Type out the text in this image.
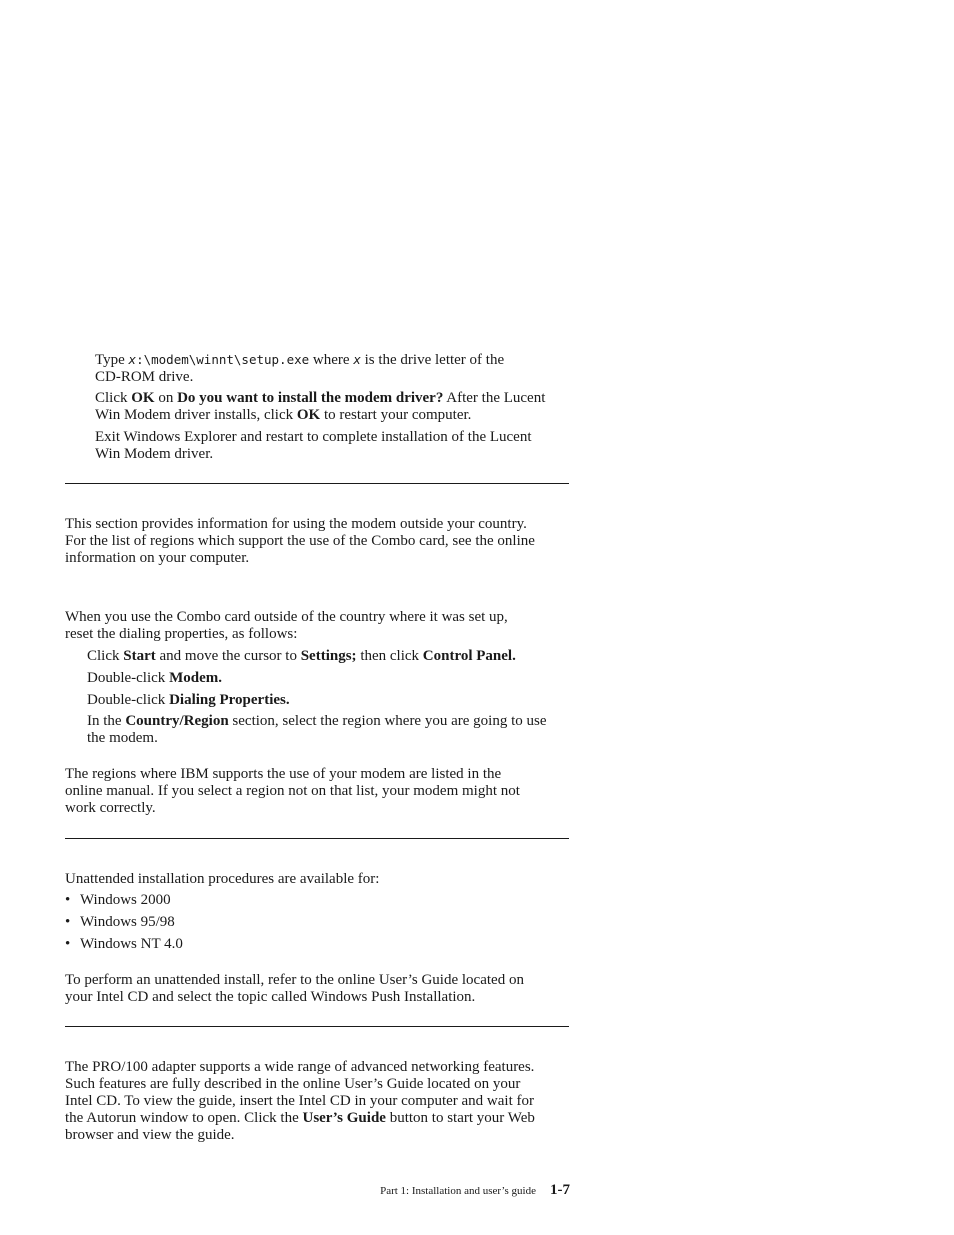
Type x:\modem\winnt\setup.exe where x is the drive letter of the
CD-ROM drive.
Click OK on Do you want to install the modem driver? After the Lucent
Win Modem driver installs, click OK to restart your computer.
Exit Windows Explorer and restart to complete installation of the Lucent
Win Modem driver.
This section provides information for using the modem outside your country.
For the list of regions which support the use of the Combo card, see the online
information on your computer.
When you use the Combo card outside of the country where it was set up,
reset the dialing properties, as follows:
Click Start and move the cursor to Settings; then click Control Panel.
Double-click Modem.
Double-click Dialing Properties.
In the Country/Region section, select the region where you are going to use
the modem.
The regions where IBM supports the use of your modem are listed in the
online manual. If you select a region not on that list, your modem might not
work correctly.
Unattended installation procedures are available for:
• Windows 2000
• Windows 95/98
• Windows NT 4.0
To perform an unattended install, refer to the online User’s Guide located on
your Intel CD and select the topic called Windows Push Installation.
The PRO/100 adapter supports a wide range of advanced networking features.
Such features are fully described in the online User’s Guide located on your
Intel CD. To view the guide, insert the Intel CD in your computer and wait for
the Autorun window to open. Click the User’s Guide button to start your Web
browser and view the guide.
Part 1: Installation and user’s guide 1-7
